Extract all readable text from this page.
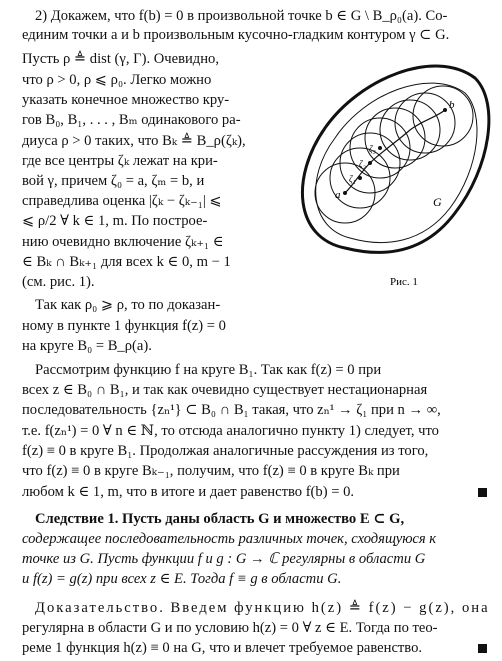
2) Докажем, что f(b) = 0 в произвольной точке b ∈ G \ B_ρ₀(a). Со-
единим точки a и b произвольным кусочно-гладким контуром γ ⊂ G.
Пусть ρ ≜ dist (γ, Γ). Очевидно,
что ρ > 0, ρ ⩽ ρ₀. Легко можно
указать конечное множество кру-
гов B₀, B₁, . . . , Bₘ одинакового ра-
диуса ρ > 0 таких, что Bₖ ≜ B_ρ(ζₖ),
где все центры ζₖ лежат на кри-
вой γ, причем ζ₀ = a, ζₘ = b, и
справедлива оценка |ζₖ − ζₖ₋₁| ⩽
⩽ ρ/2 ∀ k ∈ 1, m. По построе-
нию очевидно включение ζₖ₊₁ ∈
∈ Bₖ ∩ Bₖ₊₁ для всех k ∈ 0, m − 1
(см. рис. 1).
Так как ρ₀ ⩾ ρ, то по доказан-
ному в пункте 1 функция f(z) = 0
на круге B₀ = B_ρ(a).
Рассмотрим функцию f на круге B₁. Так как f(z) = 0 при
всех z ∈ B₀ ∩ B₁, и так как очевидно существует нестационарная
последовательность {zₙ¹} ⊂ B₀ ∩ B₁ такая, что zₙ¹ → ζ₁ при n → ∞,
т.е. f(zₙ¹) = 0 ∀ n ∈ ℕ, то отсюда аналогично пункту 1) следует, что
f(z) ≡ 0 в круге B₁. Продолжая аналогичные рассуждения из того,
что f(z) ≡ 0 в круге Bₖ₋₁, получим, что f(z) ≡ 0 в круге Bₖ при
любом k ∈ 1, m, что в итоге и дает равенство f(b) = 0.
Следствие 1. Пусть даны область G и множество E ⊂ G,
содержащее последовательность различных точек, сходящуюся к
точке из G. Пусть функции f и g : G → ℂ регулярны в области G
и f(z) = g(z) при всех z ∈ E. Тогда f ≡ g в области G.
Доказательство. Введем функцию h(z) ≜ f(z) − g(z), она
регулярна в области G и по условию h(z) = 0 ∀ z ∈ E. Тогда по тео-
реме 1 функция h(z) ≡ 0 на G, что и влечет требуемое равенство.
a
ζ₁
ζ₂
ζ₃
b
G
Рис. 1
